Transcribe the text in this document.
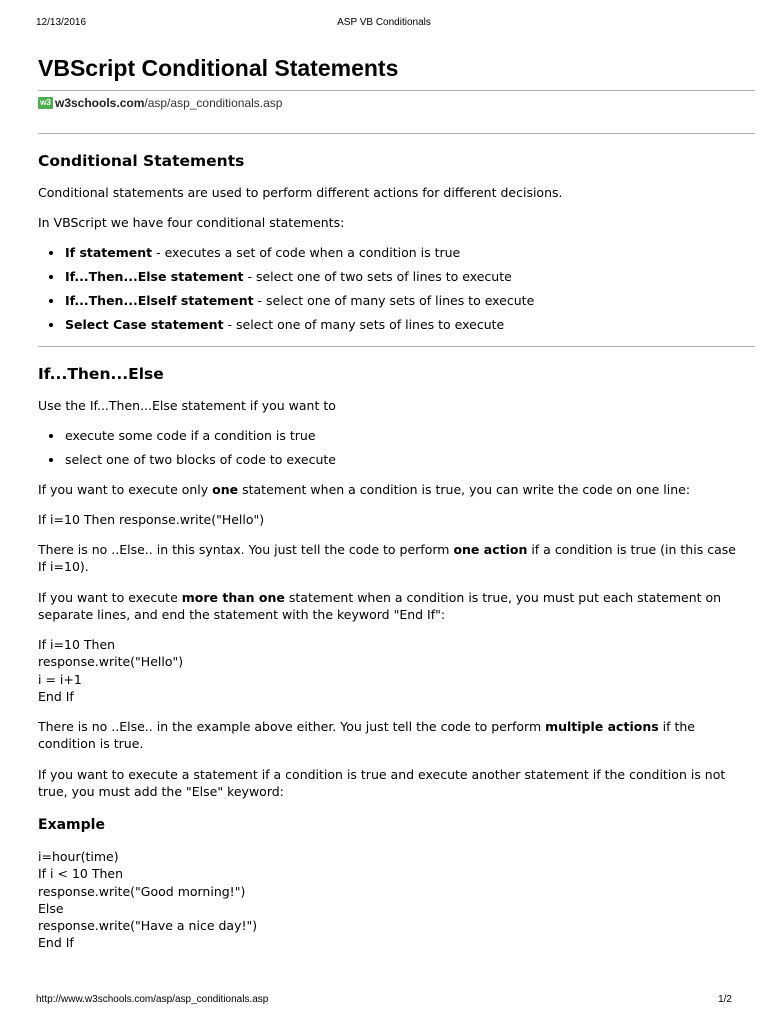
12/13/2016	ASP VB Conditionals
VBScript Conditional Statements
w3 w3schools.com /asp/asp_conditionals.asp
Conditional Statements

Conditional statements are used to perform different actions for different decisions.

In VBScript we have four conditional statements:

If statement - executes a set of code when a condition is true
If...Then...Else statement - select one of two sets of lines to execute
If...Then...ElseIf statement - select one of many sets of lines to execute
Select Case statement - select one of many sets of lines to execute
If...Then...Else

Use the If...Then...Else statement if you want to

execute some code if a condition is true
select one of two blocks of code to execute

If you want to execute only one statement when a condition is true, you can write the code on one line:

If i=10 Then response.write("Hello")

There is no ..Else.. in this syntax. You just tell the code to perform one action if a condition is true (in this case If i=10).

If you want to execute more than one statement when a condition is true, you must put each statement on separate lines, and end the statement with the keyword "End If":

If i=10 Then
response.write("Hello")
i = i+1
End If

There is no ..Else.. in the example above either. You just tell the code to perform multiple actions if the condition is true.

If you want to execute a statement if a condition is true and execute another statement if the condition is not true, you must add the "Else" keyword:

Example
i=hour(time)
If i < 10 Then
response.write("Good morning!")
Else
response.write("Have a nice day!")
End If
http://www.w3schools.com/asp/asp_conditionals.asp	1/2
